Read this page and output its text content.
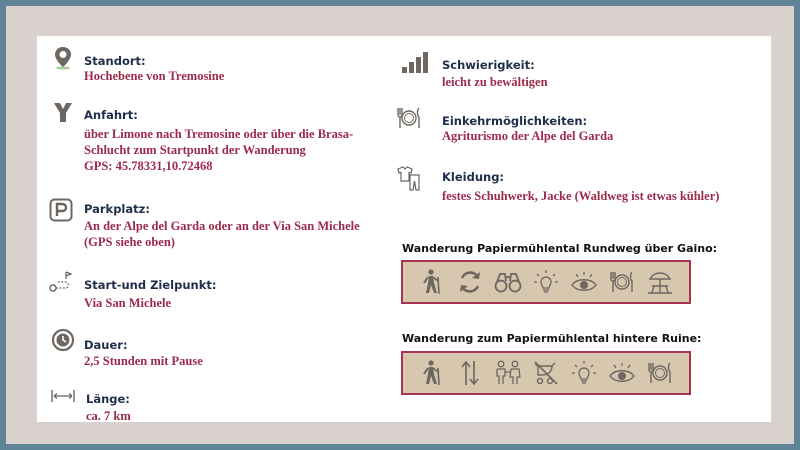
Standort:
Hochebene von Tremosine
Anfahrt:
über Limone nach Tremosine oder über die Brasa-
Schlucht zum Startpunkt der Wanderung
GPS: 45.78331,10.72468
Parkplatz:
An der Alpe del Garda oder an der Via San Michele
(GPS siehe oben)
Start-und Zielpunkt:
Via San Michele
Dauer:
2,5 Stunden mit Pause
Länge:
ca. 7 km
Schwierigkeit:
leicht zu bewältigen
Einkehrmöglichkeiten:
Agriturismo der Alpe del Garda
Kleidung:
festes Schuhwerk, Jacke (Waldweg ist etwas kühler)
Wanderung Papiermühlental Rundweg über Gaino:
Wanderung zum Papiermühlental hintere Ruine:
